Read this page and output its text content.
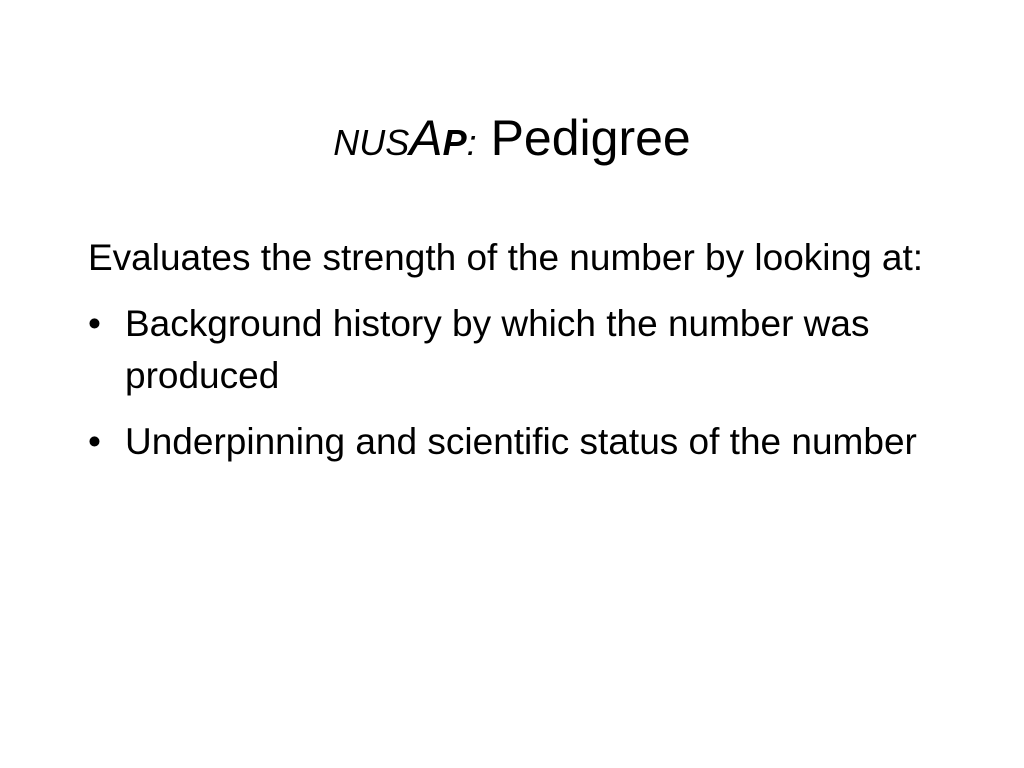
NUSAP: Pedigree

Evaluates the strength of the number by looking at:

• Background history by which the number was produced
• Underpinning and scientific status of the number
